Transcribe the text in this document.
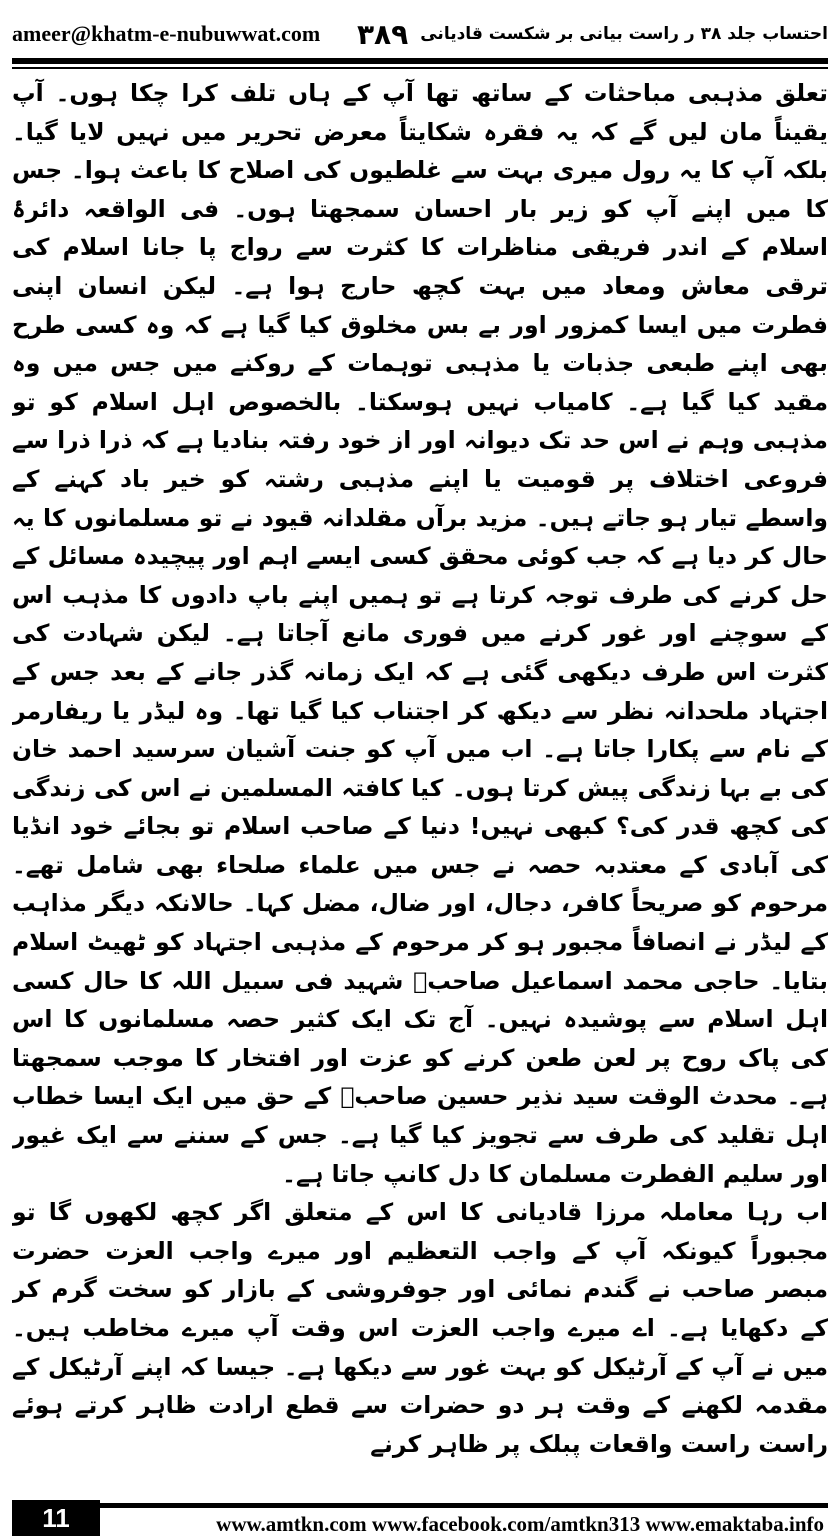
ameer@khatm-e-nubuwwat.com	احتساب جلد ۳۸ ر راست بیانی بر شکست قادیانی
۳۸۹

تعلق مذہبی مباحثات کے ساتھ تھا آپ کے ہاں تلف کرا چکا ہوں۔ آپ یقیناً مان لیں گے کہ یہ فقرہ شکایتاً معرض تحریر میں نہیں لایا گیا۔ بلکہ آپ کا یہ رول میری بہت سے غلطیوں کی اصلاح کا باعث ہوا۔ جس کا میں اپنے آپ کو زیر بار احسان سمجھتا ہوں۔ فی الواقعہ دائرۂ اسلام کے اندر فریقی مناظرات کا کثرت سے رواج پا جانا اسلام کی ترقی معاش ومعاد میں بہت کچھ حارج ہوا ہے۔ لیکن انسان اپنی فطرت میں ایسا کمزور اور بے بس مخلوق کیا گیا ہے کہ وہ کسی طرح بھی اپنے طبعی جذبات یا مذہبی توہمات کے روکنے میں جس میں وہ مقید کیا گیا ہے۔ کامیاب نہیں ہوسکتا۔ بالخصوص اہل اسلام کو تو مذہبی وہم نے اس حد تک دیوانہ اور از خود رفتہ بنادیا ہے کہ ذرا ذرا سے فروعی اختلاف پر قومیت یا اپنے مذہبی رشتہ کو خیر باد کہنے کے واسطے تیار ہو جاتے ہیں۔ مزید برآں مقلدانہ قیود نے تو مسلمانوں کا یہ حال کر دیا ہے کہ جب کوئی محقق کسی ایسے اہم اور پیچیدہ مسائل کے حل کرنے کی طرف توجہ کرتا ہے تو ہمیں اپنے باپ دادوں کا مذہب اس کے سوچنے اور غور کرنے میں فوری مانع آجاتا ہے۔ لیکن شہادت کی کثرت اس طرف دیکھی گئی ہے کہ ایک زمانہ گذر جانے کے بعد جس کے اجتہاد ملحدانہ نظر سے دیکھ کر اجتناب کیا گیا تھا۔ وہ لیڈر یا ریفارمر کے نام سے پکارا جاتا ہے۔ اب میں آپ کو جنت آشیان سرسید احمد خان کی بے بہا زندگی پیش کرتا ہوں۔ کیا کافتہ المسلمین نے اس کی زندگی کی کچھ قدر کی؟ کبھی نہیں! دنیا کے صاحب اسلام تو بجائے خود انڈیا کی آبادی کے معتدبہ حصہ نے جس میں علماء صلحاء بھی شامل تھے۔ مرحوم کو صریحاً کافر، دجال، اور ضال، مضل کہا۔ حالانکہ دیگر مذاہب کے لیڈر نے انصافاً مجبور ہو کر مرحوم کے مذہبی اجتہاد کو ٹھیٹ اسلام بتایا۔ حاجی محمد اسماعیل صاحبؒ شہید فی سبیل اللہ کا حال کسی اہل اسلام سے پوشیدہ نہیں۔ آج تک ایک کثیر حصہ مسلمانوں کا اس کی پاک روح پر لعن طعن کرنے کو عزت اور افتخار کا موجب سمجھتا ہے۔ محدث الوقت سید نذیر حسین صاحبؒ کے حق میں ایک ایسا خطاب اہل تقلید کی طرف سے تجویز کیا گیا ہے۔ جس کے سننے سے ایک غیور اور سلیم الفطرت مسلمان کا دل کانپ جاتا ہے۔

اب رہا معاملہ مرزا قادیانی کا اس کے متعلق اگر کچھ لکھوں گا تو مجبوراً کیونکہ آپ کے واجب التعظیم اور میرے واجب العزت حضرت مبصر صاحب نے گندم نمائی اور جوفروشی کے بازار کو سخت گرم کر کے دکھایا ہے۔ اے میرے واجب العزت اس وقت آپ میرے مخاطب ہیں۔ میں نے آپ کے آرٹیکل کو بہت غور سے دیکھا ہے۔ جیسا کہ اپنے آرٹیکل کے مقدمہ لکھنے کے وقت ہر دو حضرات سے قطع ارادت ظاہر کرتے ہوئے راست راست واقعات پبلک پر ظاہر کرنے

11	www.amtkn.com www.facebook.com/amtkn313 www.emaktaba.info
